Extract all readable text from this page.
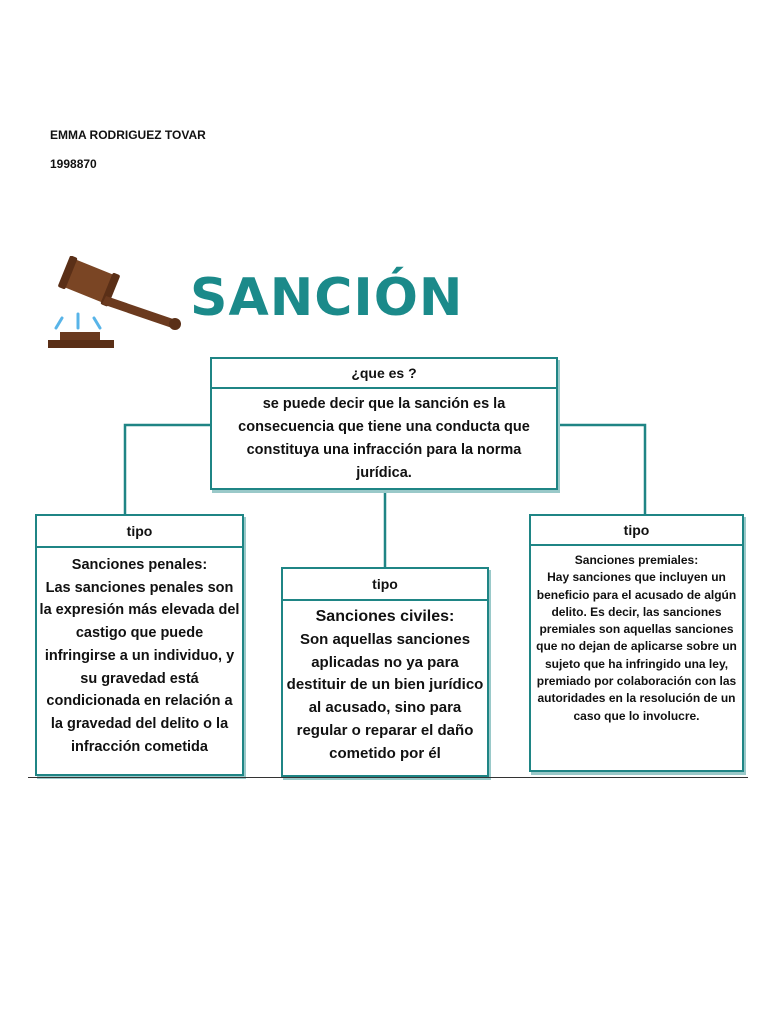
EMMA RODRIGUEZ TOVAR
1998870
SANCIÓN
¿que es ?
se puede decir que la sanción es la consecuencia que tiene una conducta que constituya una infracción para la norma jurídica.
tipo
Sanciones penales:
Las sanciones penales son la expresión más elevada del castigo que puede infringirse a un individuo, y su gravedad está condicionada en relación a la gravedad del delito o la infracción cometida
tipo
Sanciones civiles:
Son aquellas sanciones aplicadas no ya para destituir de un bien jurídico al acusado, sino para regular o reparar el daño cometido por él
tipo
Sanciones premiales:
Hay sanciones que incluyen un beneficio para el acusado de algún delito. Es decir, las sanciones premiales son aquellas sanciones que no dejan de aplicarse sobre un sujeto que ha infringido una ley, premiado por colaboración con las autoridades en la resolución de un caso que lo involucre.
